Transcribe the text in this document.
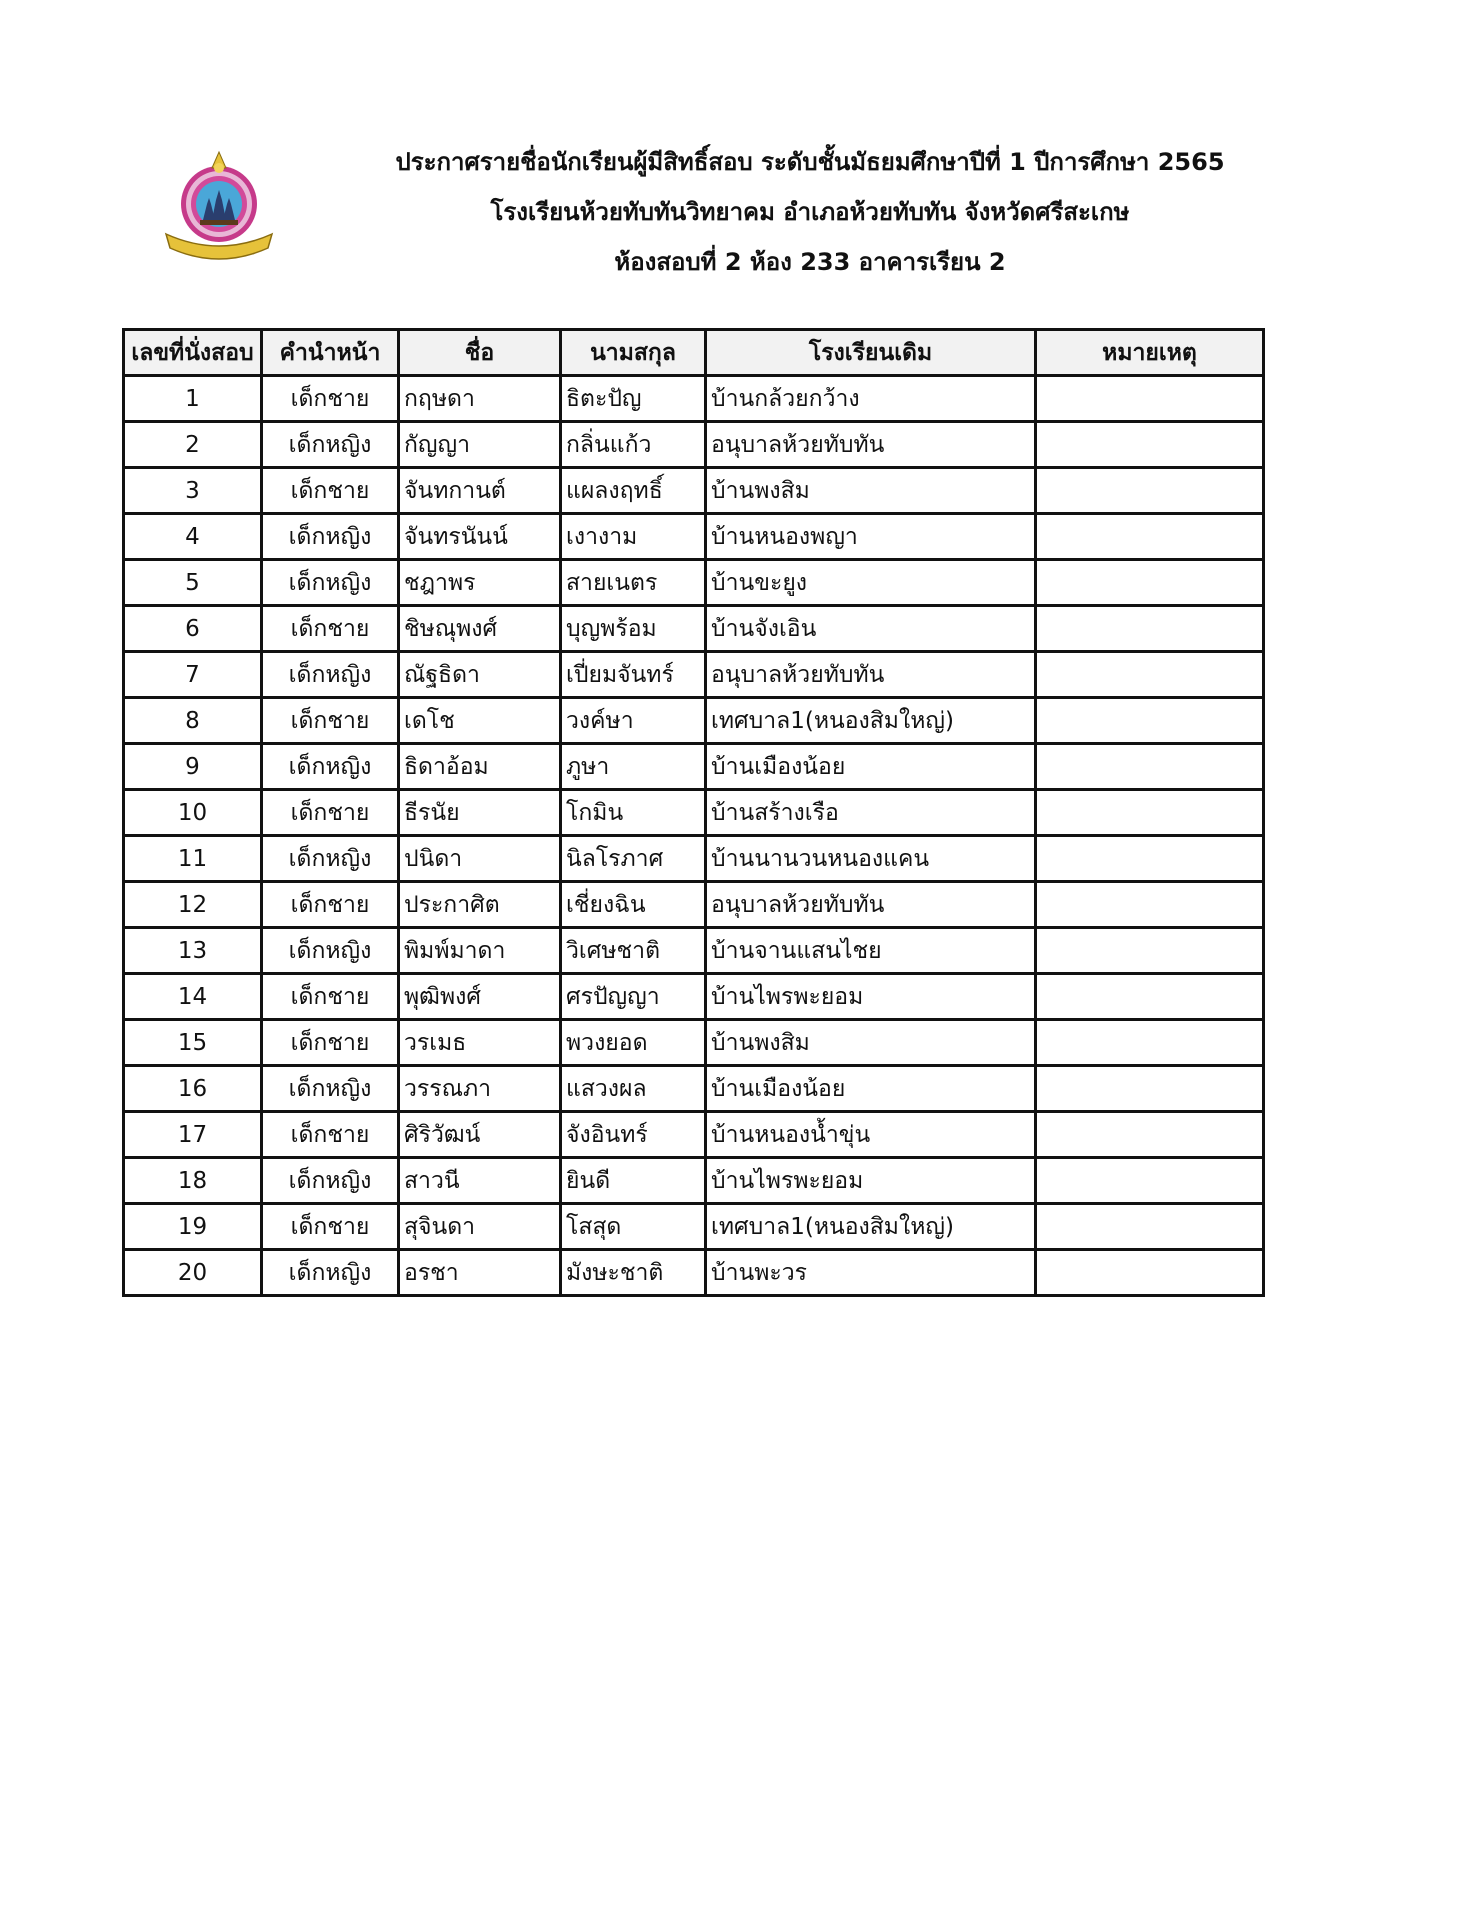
ประกาศรายชื่อนักเรียนผู้มีสิทธิ์สอบ ระดับชั้นมัธยมศึกษาปีที่ 1 ปีการศึกษา 2565
โรงเรียนห้วยทับทันวิทยาคม อำเภอห้วยทับทัน จังหวัดศรีสะเกษ
ห้องสอบที่ 2 ห้อง 233 อาคารเรียน 2
เลขที่นั่งสอบ	คำนำหน้า	ชื่อ	นามสกุล	โรงเรียนเดิม	หมายเหตุ
1	เด็กชาย	กฤษดา	ธิตะปัญ	บ้านกล้วยกว้าง	
2	เด็กหญิง	กัญญา	กลิ่นแก้ว	อนุบาลห้วยทับทัน	
3	เด็กชาย	จันทกานต์	แผลงฤทธิ์	บ้านพงสิม	
4	เด็กหญิง	จันทรนันน์	เงางาม	บ้านหนองพญา	
5	เด็กหญิง	ชฎาพร	สายเนตร	บ้านขะยูง	
6	เด็กชาย	ชิษณุพงศ์	บุญพร้อม	บ้านจังเอิน	
7	เด็กหญิง	ณัฐธิดา	เปี่ยมจันทร์	อนุบาลห้วยทับทัน	
8	เด็กชาย	เดโช	วงค์ษา	เทศบาล1(หนองสิมใหญ่)	
9	เด็กหญิง	ธิดาอ้อม	ภูษา	บ้านเมืองน้อย	
10	เด็กชาย	ธีรนัย	โกมิน	บ้านสร้างเรือ	
11	เด็กหญิง	ปนิดา	นิลโรภาศ	บ้านนานวนหนองแคน	
12	เด็กชาย	ประกาศิต	เชี่ยงฉิน	อนุบาลห้วยทับทัน	
13	เด็กหญิง	พิมพ์มาดา	วิเศษชาติ	บ้านจานแสนไชย	
14	เด็กชาย	พุฒิพงศ์	ศรปัญญา	บ้านไพรพะยอม	
15	เด็กชาย	วรเมธ	พวงยอด	บ้านพงสิม	
16	เด็กหญิง	วรรณภา	แสวงผล	บ้านเมืองน้อย	
17	เด็กชาย	ศิริวัฒน์	จังอินทร์	บ้านหนองน้ำขุ่น	
18	เด็กหญิง	สาวนี	ยินดี	บ้านไพรพะยอม	
19	เด็กชาย	สุจินดา	โสสุด	เทศบาล1(หนองสิมใหญ่)	
20	เด็กหญิง	อรชา	มังษะชาติ	บ้านพะวร	
